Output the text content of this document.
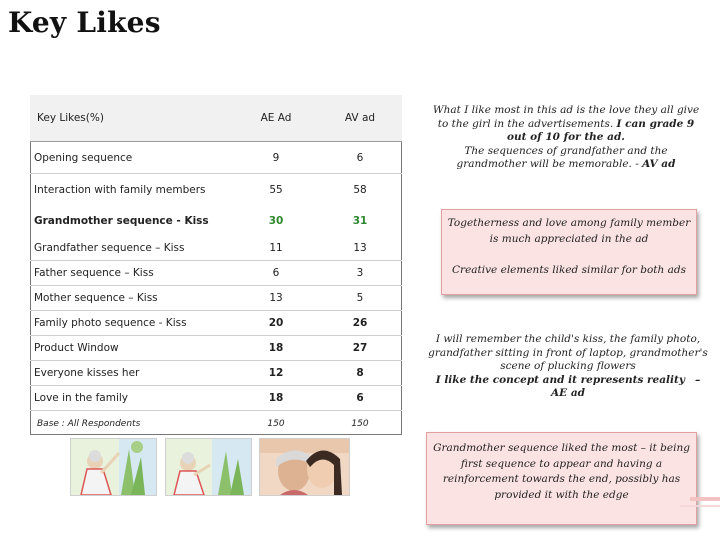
Key Likes
Key Likes(%)	AE Ad	AV ad
Opening sequence	9	6
Interaction with family members	55	58
Grandmother sequence - Kiss	30	31
Grandfather sequence – Kiss	11	13
Father sequence – Kiss	6	3
Mother sequence – Kiss	13	5
Family photo sequence - Kiss	20	26
Product Window	18	27
Everyone kisses her	12	8
Love in the family	18	6
Base : All Respondents	150	150
What I like most in this ad is the love they all give to the girl in the advertisements. I can grade 9 out of 10 for the ad.
The sequences of grandfather and the grandmother will be memorable. - AV ad
Togetherness and love among family member is much appreciated in the ad
Creative elements liked similar for both ads
I will remember the child's kiss, the family photo, grandfather sitting in front of laptop, grandmother's scene of plucking flowers
I like the concept and it represents reality – AE ad
Grandmother sequence liked the most – it being first sequence to appear and having a reinforcement towards the end, possibly has provided it with the edge
